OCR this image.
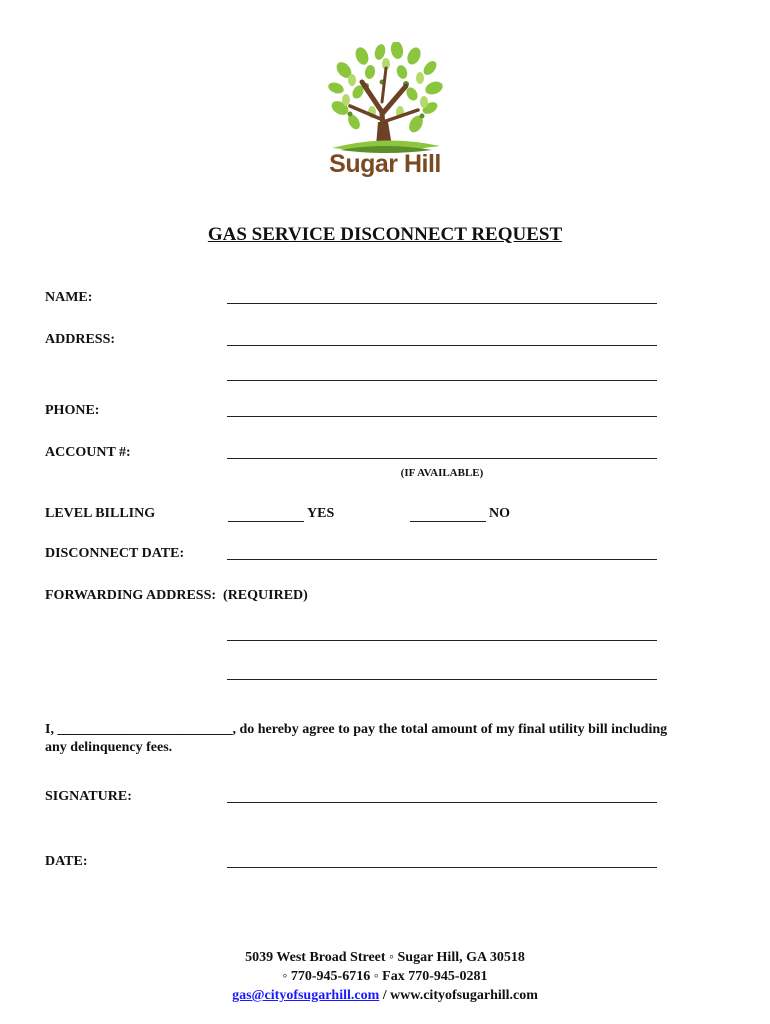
Sugar Hill
GAS SERVICE DISCONNECT REQUEST
NAME:
ADDRESS:
PHONE:
ACCOUNT #:
(IF AVAILABLE)
LEVEL BILLING	YES	NO
DISCONNECT DATE:
FORWARDING ADDRESS:  (REQUIRED)
I, _________________________, do hereby agree to pay the total amount of my final utility bill including
any delinquency fees.
SIGNATURE:
DATE:
5039 West Broad Street ◦ Sugar Hill, GA 30518
◦ 770-945-6716 ◦ Fax 770-945-0281
gas@cityofsugarhill.com / www.cityofsugarhill.com
